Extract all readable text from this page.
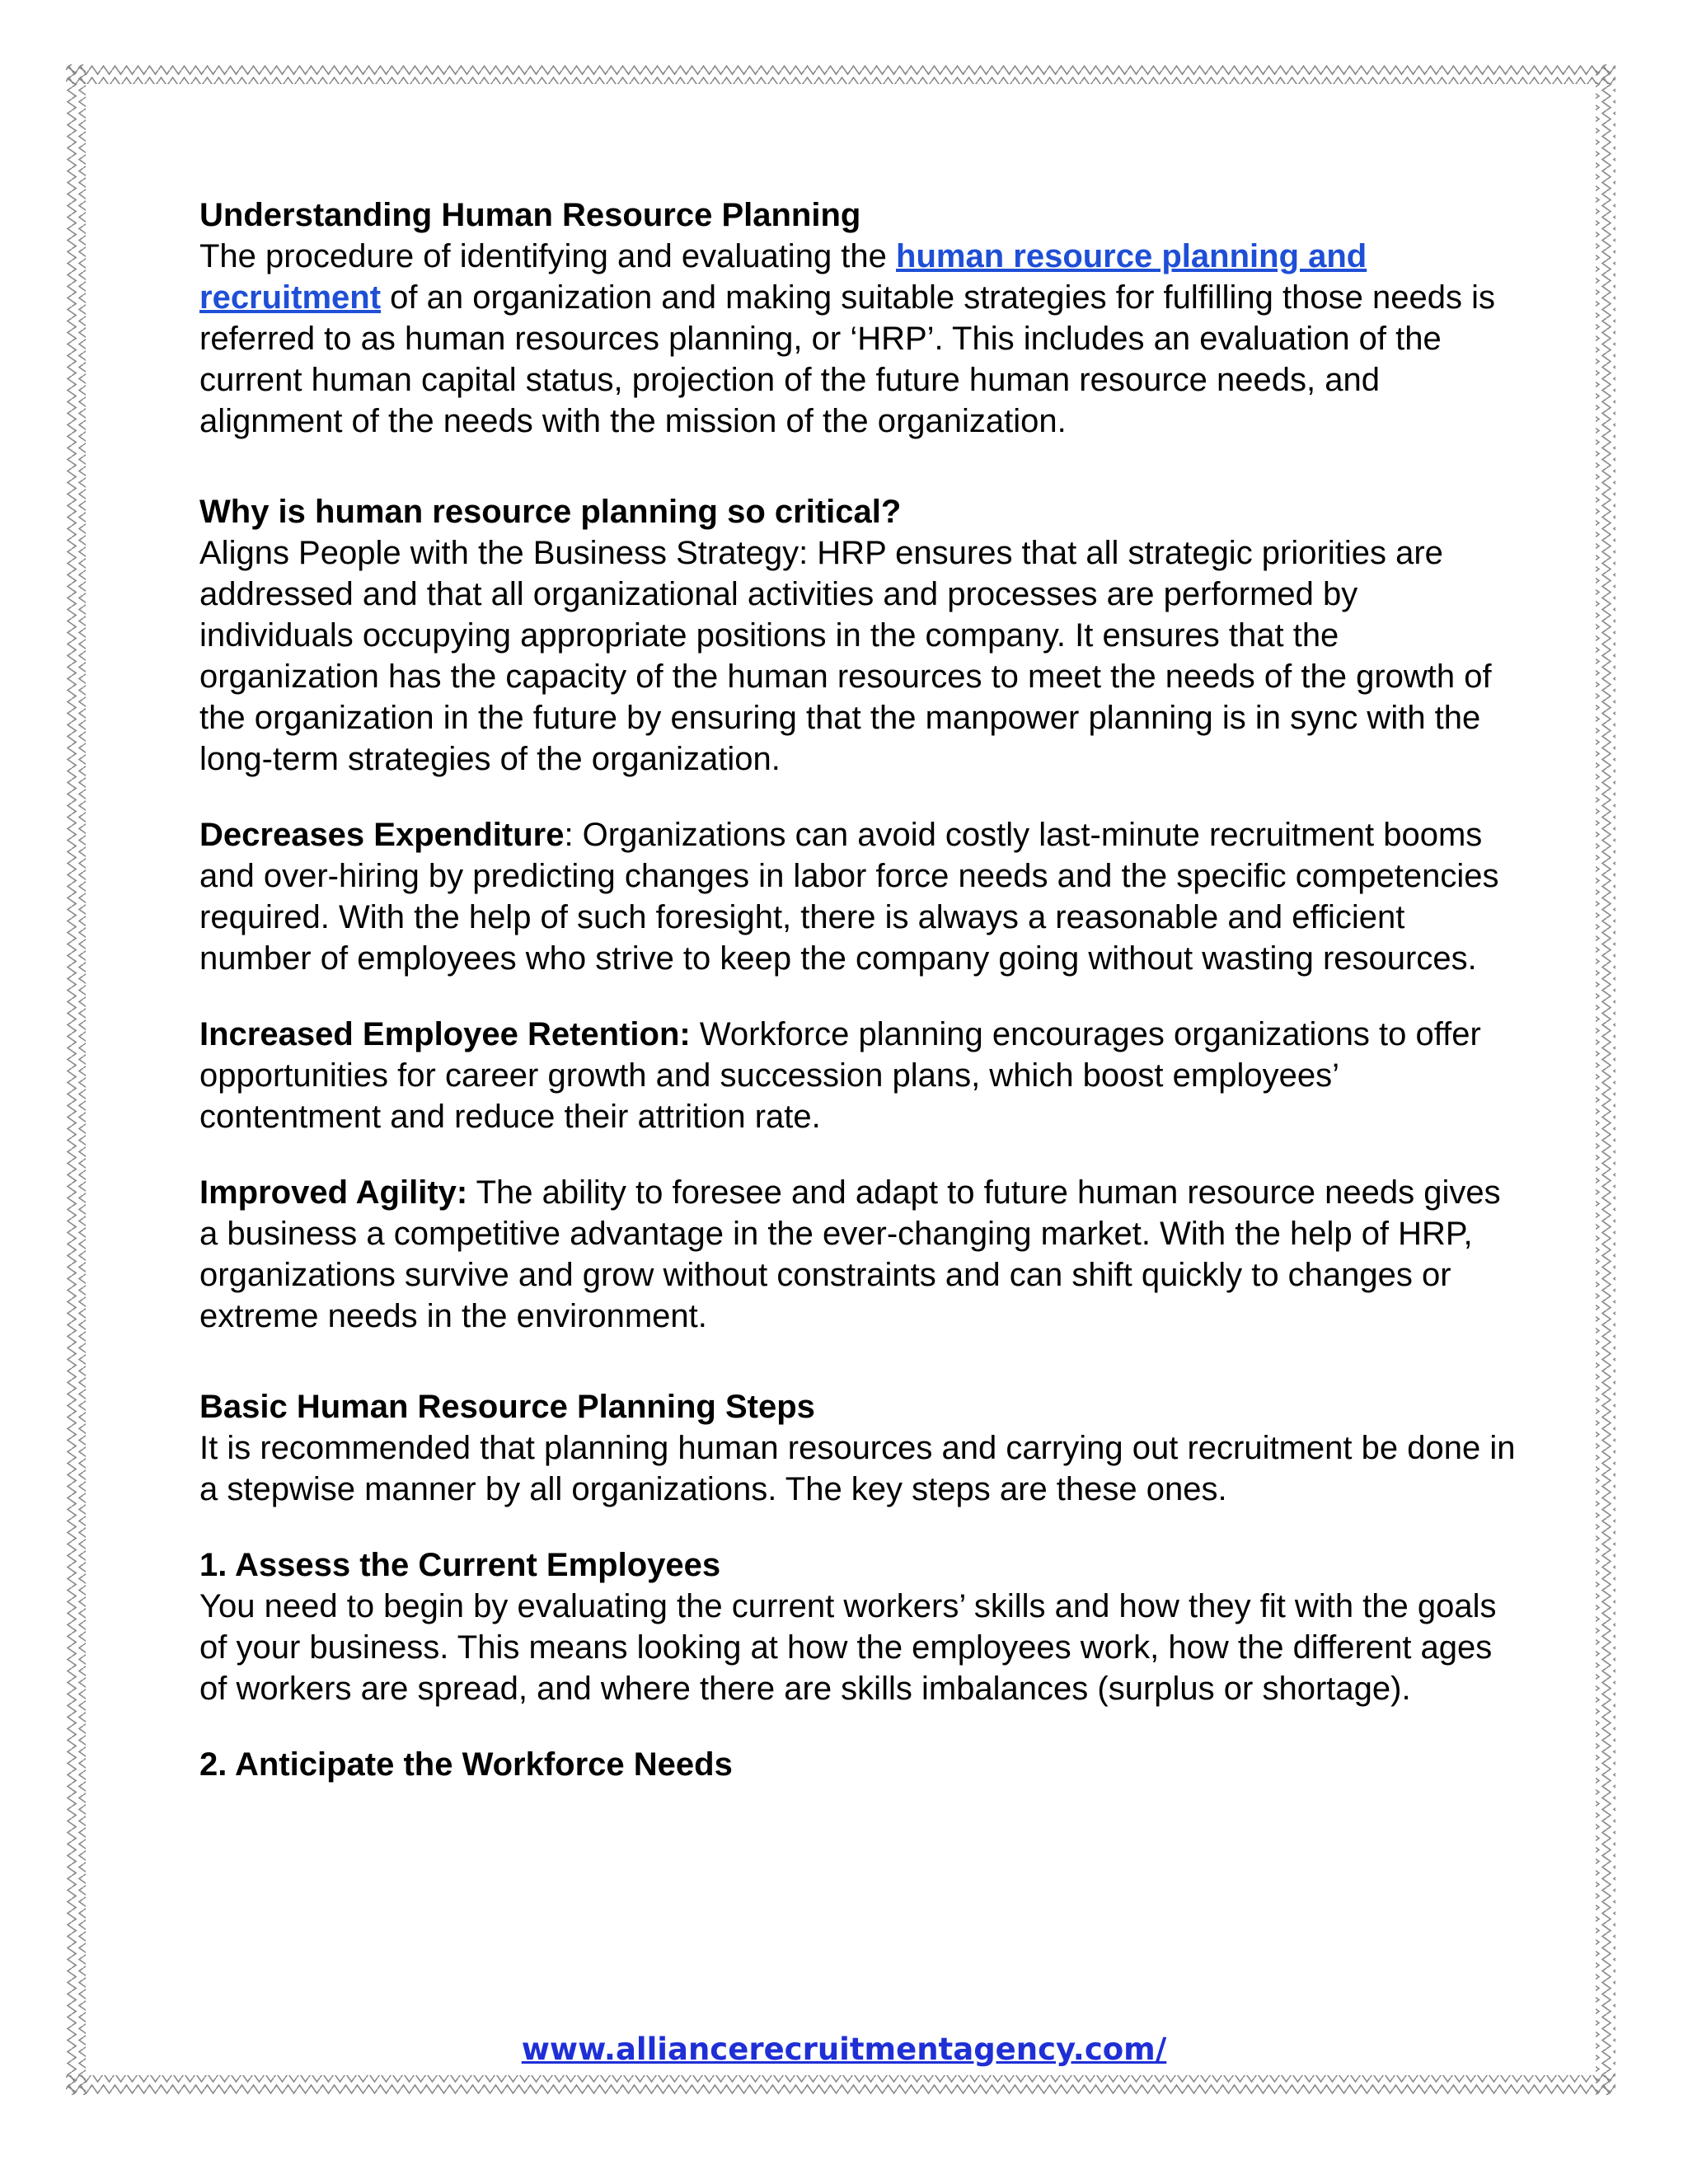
Understanding Human Resource Planning

The procedure of identifying and evaluating the human resource planning and recruitment of an organization and making suitable strategies for fulfilling those needs is referred to as human resources planning, or ‘HRP’. This includes an evaluation of the current human capital status, projection of the future human resource needs, and alignment of the needs with the mission of the organization.

Why is human resource planning so critical?

Aligns People with the Business Strategy: HRP ensures that all strategic priorities are addressed and that all organizational activities and processes are performed by individuals occupying appropriate positions in the company. It ensures that the organization has the capacity of the human resources to meet the needs of the growth of the organization in the future by ensuring that the manpower planning is in sync with the long-term strategies of the organization.

Decreases Expenditure: Organizations can avoid costly last-minute recruitment booms and over-hiring by predicting changes in labor force needs and the specific competencies required. With the help of such foresight, there is always a reasonable and efficient number of employees who strive to keep the company going without wasting resources.

Increased Employee Retention: Workforce planning encourages organizations to offer opportunities for career growth and succession plans, which boost employees’ contentment and reduce their attrition rate.

Improved Agility: The ability to foresee and adapt to future human resource needs gives a business a competitive advantage in the ever-changing market. With the help of HRP, organizations survive and grow without constraints and can shift quickly to changes or extreme needs in the environment.

Basic Human Resource Planning Steps

It is recommended that planning human resources and carrying out recruitment be done in a stepwise manner by all organizations. The key steps are these ones.

1. Assess the Current Employees

You need to begin by evaluating the current workers’ skills and how they fit with the goals of your business. This means looking at how the employees work, how the different ages of workers are spread, and where there are skills imbalances (surplus or shortage).

2. Anticipate the Workforce Needs

www.alliancerecruitmentagency.com/
